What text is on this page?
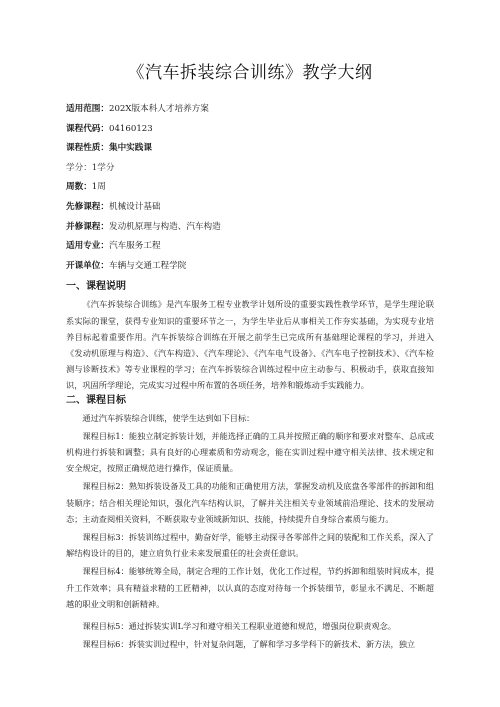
《汽车拆装综合训练》教学大纲
适用范围：202X版本科人才培养方案
课程代码：04160123
课程性质：集中实践课
学分：1学分
周数：1周
先修课程：机械设计基础
并修课程：发动机原理与构造、汽车构造
适用专业：汽车服务工程
开课单位：车辆与交通工程学院
一、课程说明

《汽车拆装综合训练》是汽车服务工程专业教学计划所设的重要实践性教学环节，是学生理论联系实际的课堂，获得专业知识的重要环节之一，为学生毕业后从事相关工作夯实基础，为实现专业培养目标起着重要作用。汽车拆装综合训练在开展之前学生已完成所有基础理论课程的学习，并进入《发动机原理与构造》、《汽车构造》、《汽车理论》、《汽车电气设备》、《汽车电子控制技术》、《汽车检测与诊断技术》等专业课程的学习；在汽车拆装综合训练过程中应主动参与、积极动手，获取直接知识，巩固所学理论，完成实习过程中所布置的各项任务，培养和锻炼动手实践能力。

二、课程目标

通过汽车拆装综合训练，使学生达到如下目标：

课程目标1：能独立制定拆装计划，并能选择正确的工具并按照正确的顺序和要求对整车、总成或机构进行拆装和调整；具有良好的心理素质和劳动观念，能在实训过程中遵守相关法律、技术规定和安全规定，按照正确规范进行操作，保证质量。

课程目标2：熟知拆装设备及工具的功能和正确使用方法，掌握发动机及底盘各零部件的拆卸和组装顺序；结合相关理论知识，强化汽车结构认识，了解并关注相关专业领域前沿理论、技术的发展动态；主动查阅相关资料，不断获取专业领域新知识、技能，持续提升自身综合素质与能力。

课程目标3：拆装训练过程中，勤奋好学，能够主动探寻各零部件之间的装配和工作关系，深入了解结构设计的目的，建立肩负行业未来发展重任的社会责任意识。

课程目标4：能够统筹全局，制定合理的工作计划，优化工作过程，节约拆卸和组装时间成本，提升工作效率；具有精益求精的工匠精神，以认真的态度对待每一个拆装细节，彰显永不满足、不断超越的职业文明和创新精神。

课程目标5：通过拆装实训L学习和遵守相关工程职业道德和规范，增强岗位职责观念。

课程目标6：拆装实训过程中，针对复杂问题，了解和学习多学科下的新技术、新方法，独立
